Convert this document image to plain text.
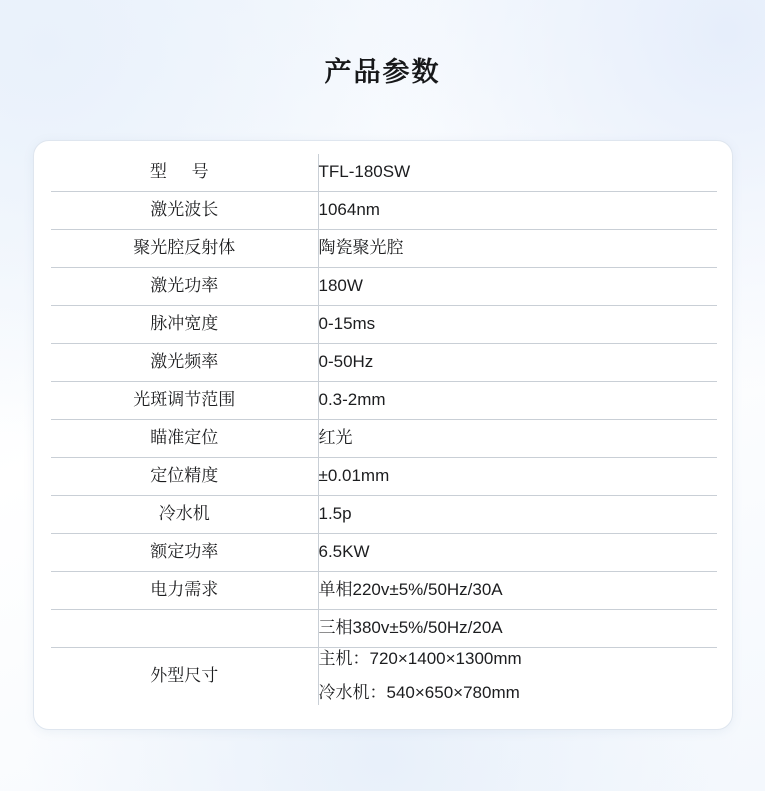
产品参数
型 号	TFL-180SW
激光波长	1064nm
聚光腔反射体	陶瓷聚光腔
激光功率	180W
脉冲宽度	0-15ms
激光频率	0-50Hz
光斑调节范围	0.3-2mm
瞄准定位	红光
定位精度	±0.01mm
冷水机	1.5p
额定功率	6.5KW
电力需求	单相220v±5%/50Hz/30A
	三相380v±5%/50Hz/20A
外型尺寸	主机：720×1400×1300mm
冷水机：540×650×780mm
